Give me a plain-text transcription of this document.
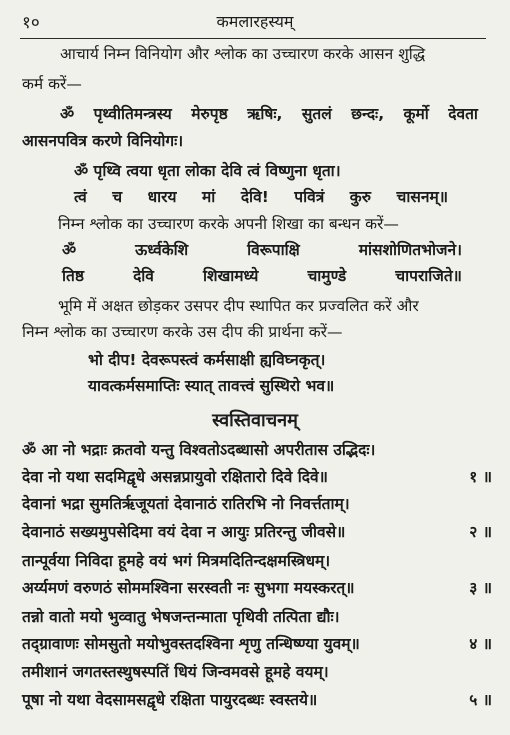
१०	कमलारहस्यम्
आचार्य निम्न विनियोग और श्लोक का उच्चारण करके आसन शुद्धि
कर्म करें—
ॐ पृथ्वीतिमन्त्रस्य मेरुपृष्ठ ऋषिः, सुतलं छन्दः, कूर्मो देवता
आसनपवित्र करणे विनियोगः।
ॐ पृथ्वि त्वया धृता लोका देवि त्वं विष्णुना धृता।
त्वं च धारय मां देवि! पवित्रं कुरु चासनम्॥
निम्न श्लोक का उच्चारण करके अपनी शिखा का बन्धन करें—
ॐ	ऊर्ध्वकेशि	विरूपाक्षि	मांसशोणितभोजने।
तिष्ठ	देवि	शिखामध्ये	चामुण्डे	चापराजिते॥
भूमि में अक्षत छोड़कर उसपर दीप स्थापित कर प्रज्वलित करें और
निम्न श्लोक का उच्चारण करके उस दीप की प्रार्थना करें—
भो दीप! देवरूपस्त्वं कर्मसाक्षी ह्यविघ्नकृत्।
यावत्कर्मसमाप्तिः स्यात् तावत्त्वं सुस्थिरो भव॥
स्वस्तिवाचनम्
ॐ आ नो भद्राः क्रतवो यन्तु विश्वतोऽदब्धासो अपरीतास उद्भिदः।
देवा नो यथा सदमिद्वृधे असन्नप्रायुवो रक्षितारो दिवे दिवे॥	१ ॥
देवानां भद्रा सुमतिर्ऋजूयतां देवानाठं रातिरभि नो निवर्त्तताम्।
देवानाठं सख्यमुपसेदिमा वयं देवा न आयुः प्रतिरन्तु जीवसे॥	२ ॥
तान्पूर्वया निविदा हूमहे वयं भगं मित्रमदितिन्दक्षमस्त्रिधम्।
अर्य्यमणं वरुणठं सोममश्विना सरस्वती नः सुभगा मयस्करत्॥	३ ॥
तन्नो वातो मयो भुव्वातु भेषजन्तन्माता पृथिवी तत्पिता द्यौः।
तद्ग्रावाणः सोमसुतो मयोभुवस्तदश्विना शृणु तन्धिष्ण्या युवम्॥	४ ॥
तमीशानं जगतस्तस्थुषस्पतिं धियं जिन्वमवसे हूमहे वयम्।
पूषा नो यथा वेदसामसद्वृधे रक्षिता पायुरदब्धः स्वस्तये॥	५ ॥
